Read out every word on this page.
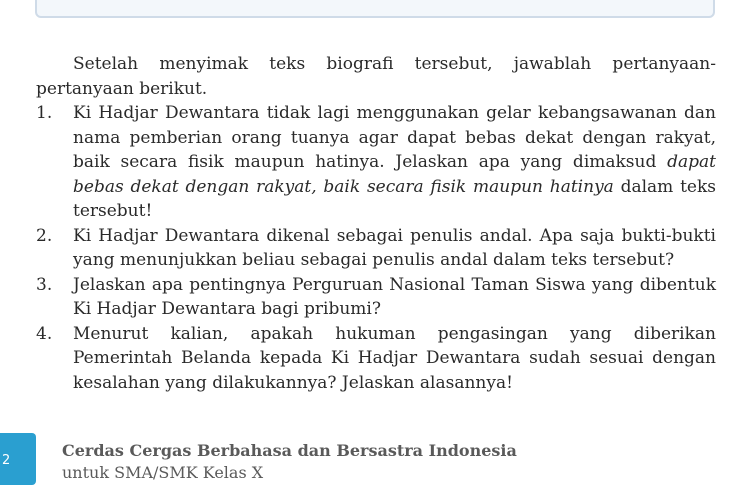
Setelah menyimak teks biografi tersebut, jawablah pertanyaan-pertanyaan berikut.

1. Ki Hadjar Dewantara tidak lagi menggunakan gelar kebangsawanan dan nama pemberian orang tuanya agar dapat bebas dekat dengan rakyat, baik secara fisik maupun hatinya. Jelaskan apa yang dimaksud dapat bebas dekat dengan rakyat, baik secara fisik maupun hatinya dalam teks tersebut!
2. Ki Hadjar Dewantara dikenal sebagai penulis andal. Apa saja bukti-bukti yang menunjukkan beliau sebagai penulis andal dalam teks tersebut?
3. Jelaskan apa pentingnya Perguruan Nasional Taman Siswa yang dibentuk Ki Hadjar Dewantara bagi pribumi?
4. Menurut kalian, apakah hukuman pengasingan yang diberikan Pemerintah Belanda kepada Ki Hadjar Dewantara sudah sesuai dengan kesalahan yang dilakukannya? Jelaskan alasannya!
2
Cerdas Cergas Berbahasa dan Bersastra Indonesia
untuk SMA/SMK Kelas X
